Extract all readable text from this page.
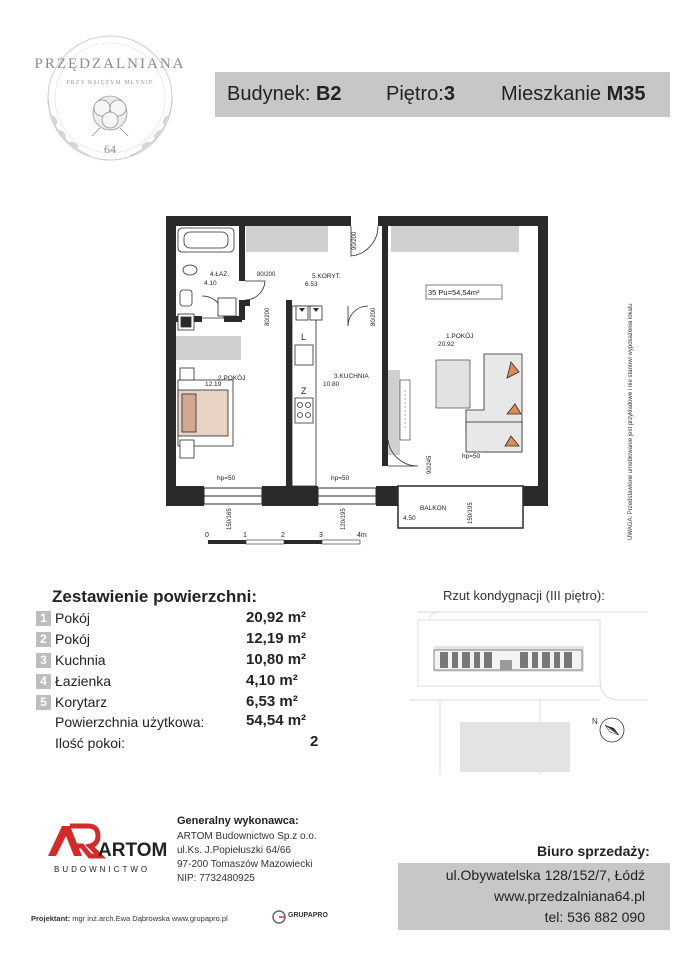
PRZĘDZALNIANA
PRZY KSIĘŻYM MŁYNIE
64
Budynek: B2 Piętro:3 Mieszkanie M35
4.ŁAZ.
4.10
5.KORYT.
6.53
2.POKÓJ
12.19
3.KUCHNIA
10.80
1.POKÓJ
20.92
BALKON
4.50
35 Pu=54,54m²
hp=50	hp=50
hp=50
L
Z
90/200
80/200
80/200	80/200
90/245
150/165	120/195	150/195
0	1	2	3	4m	UWAGA: Przedstawione umeblowanie jest przykładowe i nie stanowi wyposażenia lokalu
Zestawienie powierzchni:
1 Pokój	20,92 m²
2 Pokój	12,19 m²
3 Kuchnia	10,80 m²
4 Łazienka	4,10 m²
5 Korytarz	6,53 m²
Powierzchnia użytkowa:	54,54 m²
Ilość pokoi:	2
Rzut kondygnacji (III piętro):
N
ARTOM
BUDOWNICTWO
Generalny wykonawca:
ARTOM Budownictwo Sp.z o.o.
ul.Ks. J.Popiełuszki 64/66
97-200 Tomaszów Mazowiecki
NIP: 7732480925
Biuro sprzedaży:
ul.Obywatelska 128/152/7, Łódź
www.przedzalniana64.pl
tel: 536 882 090
Projektant: mgr inż.arch.Ewa Dąbrowska www.grupapro.pl	GRUPAPRO
